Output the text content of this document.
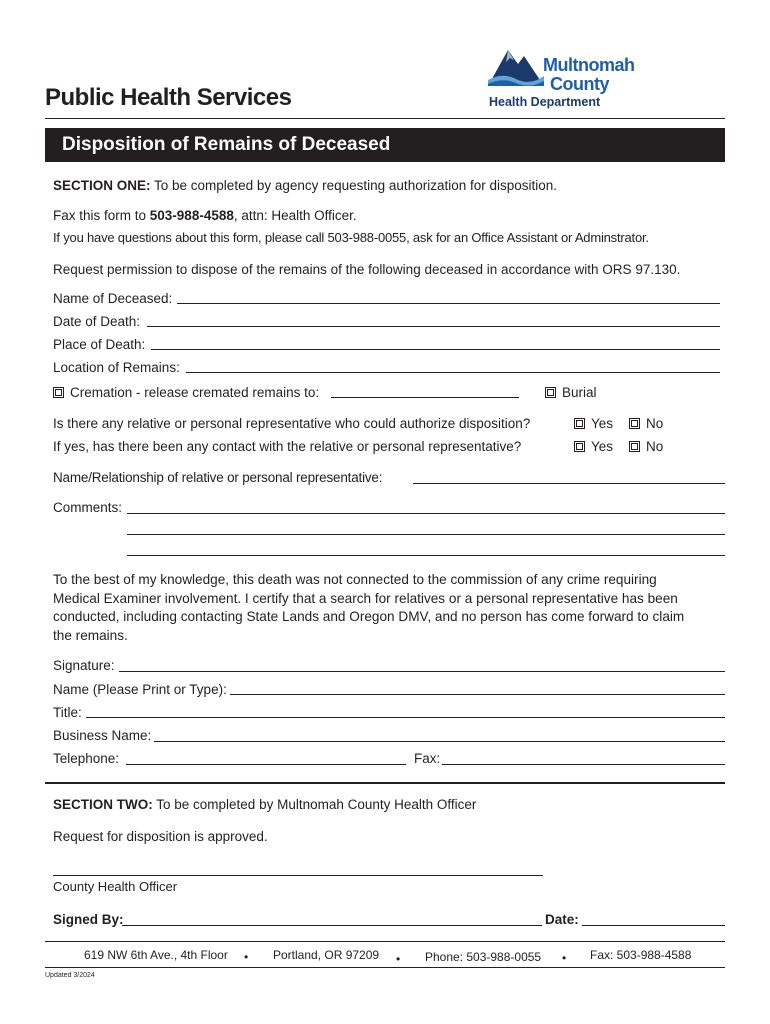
Public Health Services
Multnomah
County
Health Department
Disposition of Remains of Deceased
SECTION ONE: To be completed by agency requesting authorization for disposition.
Fax this form to 503-988-4588, attn: Health Officer.
If you have questions about this form, please call 503-988-0055, ask for an Office Assistant or Adminstrator.
Request permission to dispose of the remains of the following deceased in accordance with ORS 97.130.
Name of Deceased:
Date of Death:
Place of Death:
Location of Remains:
Cremation - release cremated remains to:	Burial
Is there any relative or personal representative who could authorize disposition?	Yes	No
If yes, has there been any contact with the relative or personal representative?	Yes	No
Name/Relationship of relative or personal representative:
Comments:
To the best of my knowledge, this death was not connected to the commission of any crime requiring
Medical Examiner involvement. I certify that a search for relatives or a personal representative has been
conducted, including contacting State Lands and Oregon DMV, and no person has come forward to claim
the remains.
Signature:
Name (Please Print or Type):
Title:
Business Name:
Telephone:	Fax:
SECTION TWO: To be completed by Multnomah County Health Officer
Request for disposition is approved.
County Health Officer
Signed By:	Date:
619 NW 6th Ave., 4th Floor • Portland, OR 97209 • Phone: 503-988-0055 • Fax: 503-988-4588
Updated 3/2024
